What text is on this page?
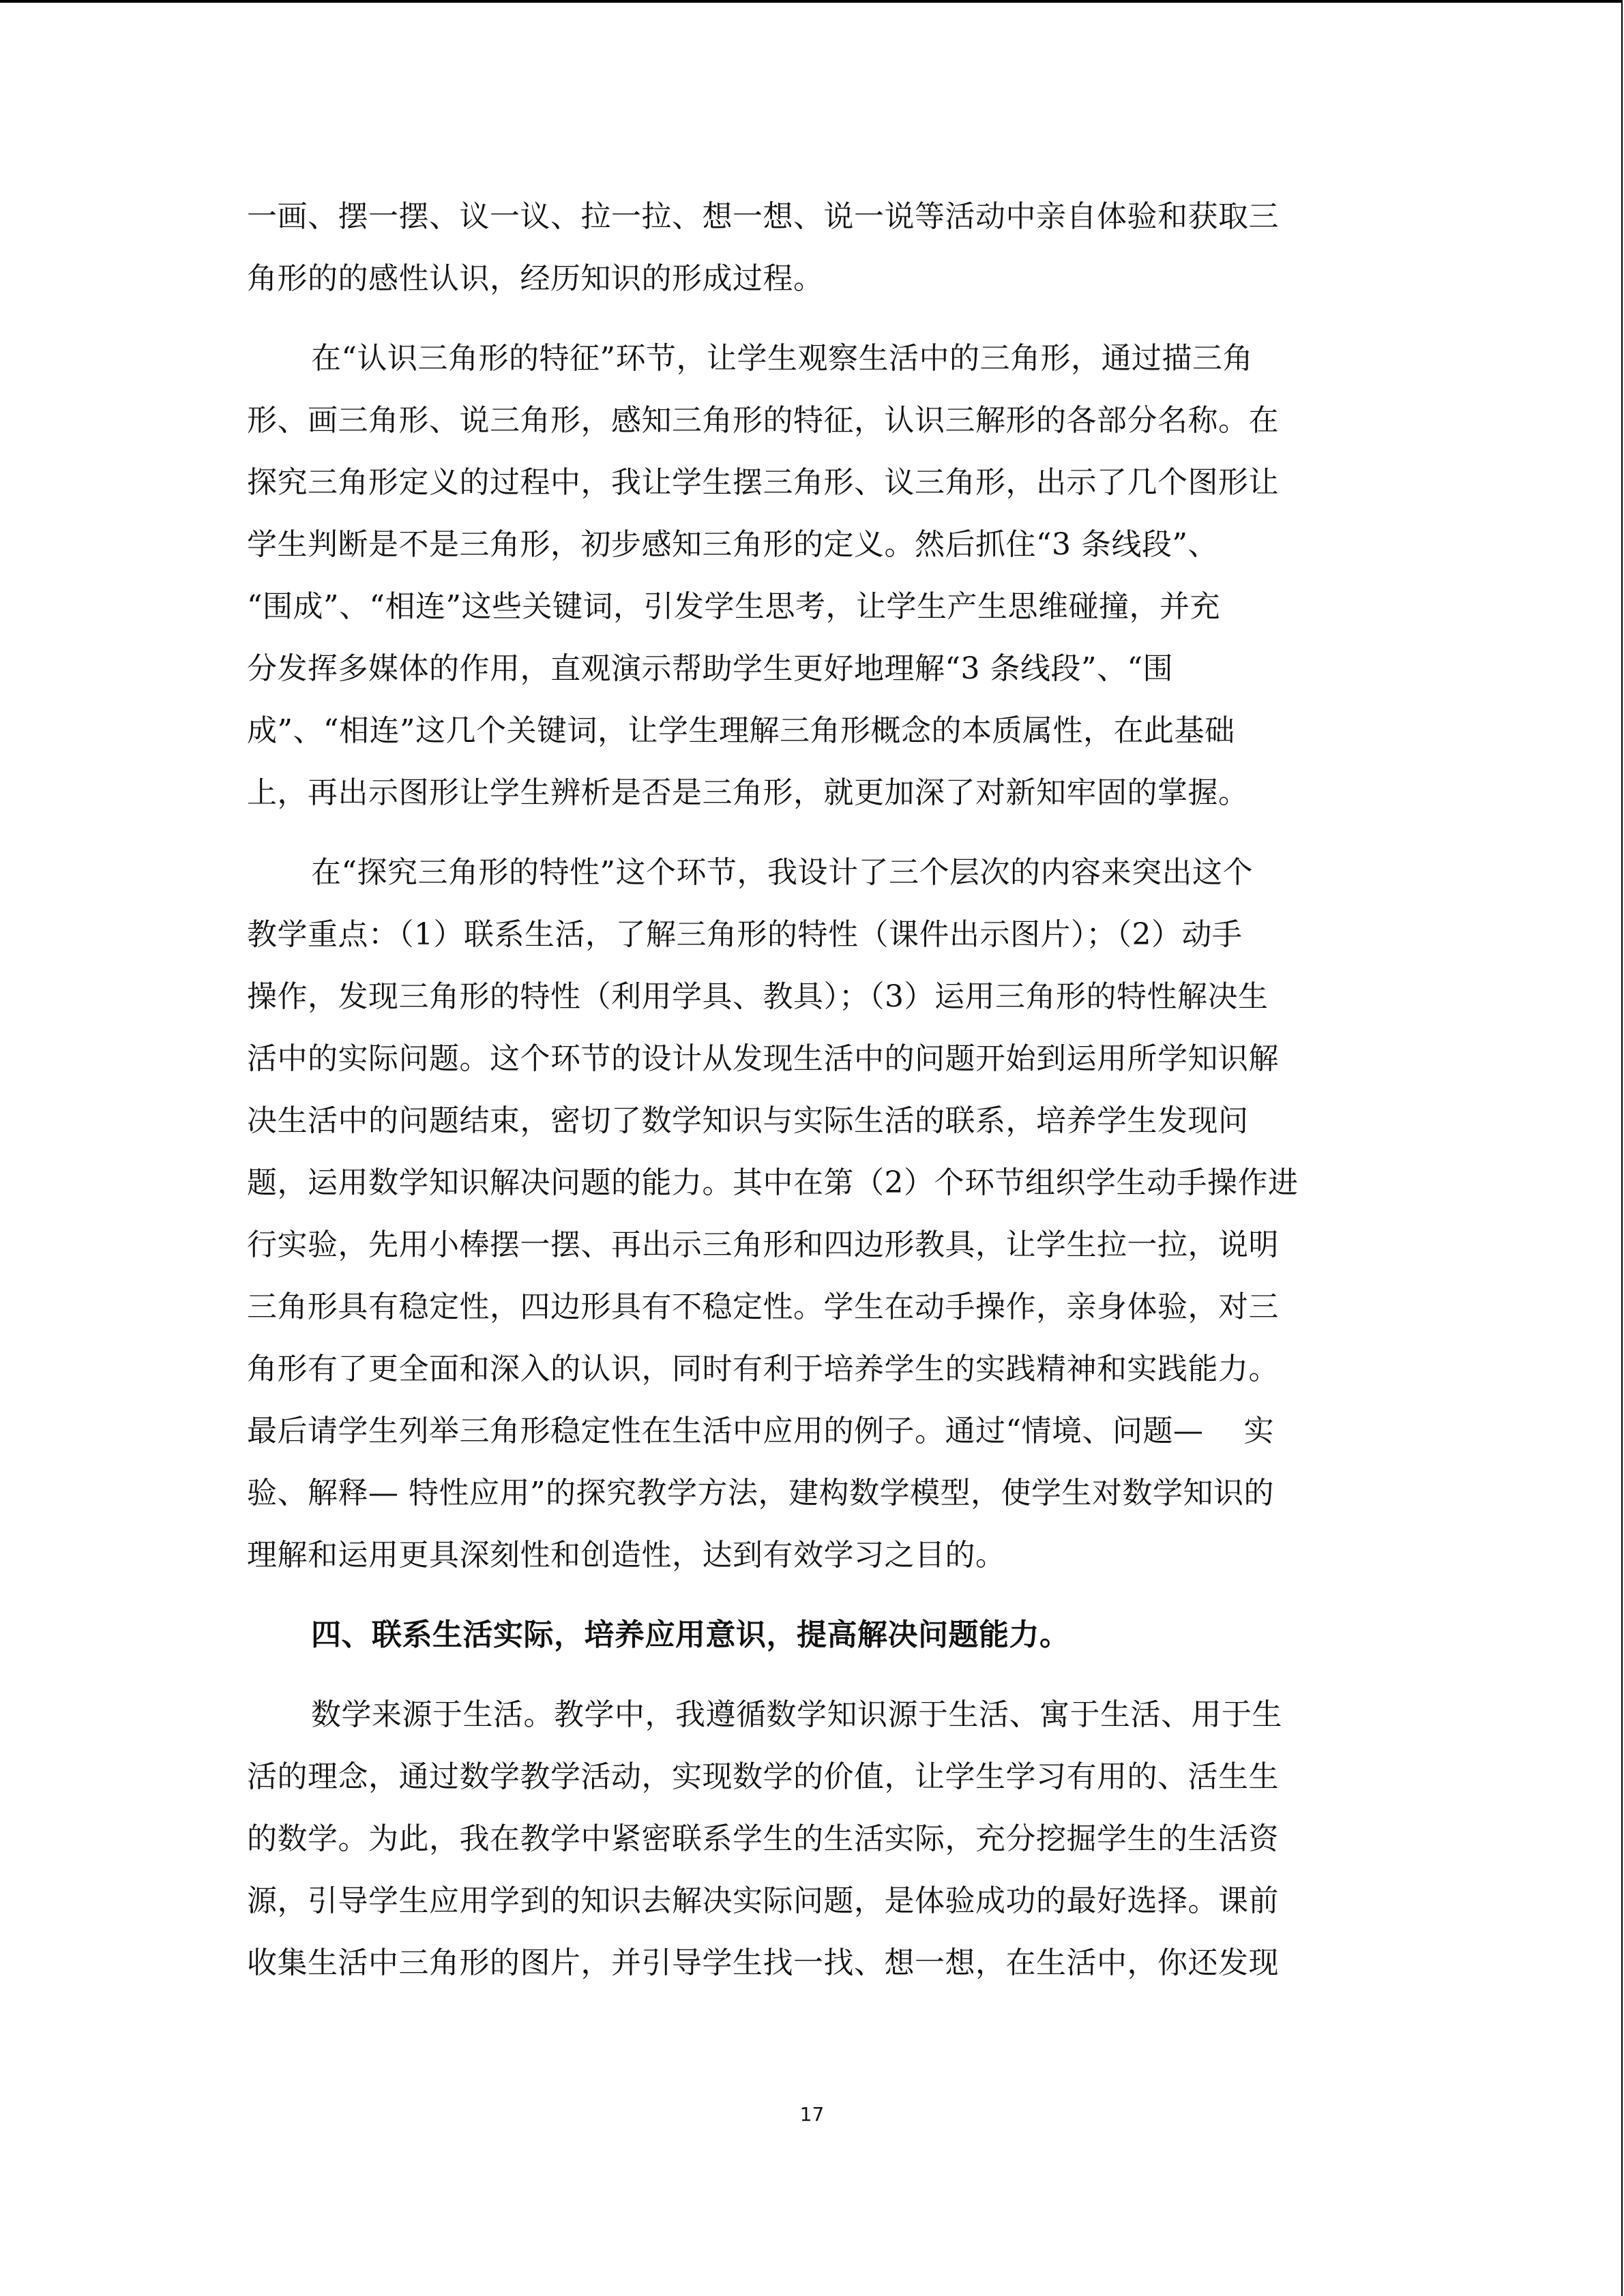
一画、摆一摆、议一议、拉一拉、想一想、说一说等活动中亲自体验和获取三
角形的的感性认识，经历知识的形成过程。

在“认识三角形的特征”环节，让学生观察生活中的三角形，通过描三角
形、画三角形、说三角形，感知三角形的特征，认识三解形的各部分名称。在
探究三角形定义的过程中，我让学生摆三角形、议三角形，出示了几个图形让
学生判断是不是三角形，初步感知三角形的定义。然后抓住“3 条线段”、
“围成”、“相连”这些关键词，引发学生思考，让学生产生思维碰撞，并充
分发挥多媒体的作用，直观演示帮助学生更好地理解“3 条线段”、“围
成”、“相连”这几个关键词，让学生理解三角形概念的本质属性，在此基础
上，再出示图形让学生辨析是否是三角形，就更加深了对新知牢固的掌握。

在“探究三角形的特性”这个环节，我设计了三个层次的内容来突出这个
教学重点：（1）联系生活，了解三角形的特性（课件出示图片）；（2）动手
操作，发现三角形的特性（利用学具、教具）；（3）运用三角形的特性解决生
活中的实际问题。这个环节的设计从发现生活中的问题开始到运用所学知识解
决生活中的问题结束，密切了数学知识与实际生活的联系，培养学生发现问
题，运用数学知识解决问题的能力。其中在第（2）个环节组织学生动手操作进
行实验，先用小棒摆一摆、再出示三角形和四边形教具，让学生拉一拉，说明
三角形具有稳定性，四边形具有不稳定性。学生在动手操作，亲身体验，对三
角形有了更全面和深入的认识，同时有利于培养学生的实践精神和实践能力。
最后请学生列举三角形稳定性在生活中应用的例子。通过“情境、问题—　 实
验、解释— 特性应用”的探究教学方法，建构数学模型，使学生对数学知识的
理解和运用更具深刻性和创造性，达到有效学习之目的。

四、联系生活实际，培养应用意识，提高解决问题能力。

数学来源于生活。教学中，我遵循数学知识源于生活、寓于生活、用于生
活的理念，通过数学教学活动，实现数学的价值，让学生学习有用的、活生生
的数学。为此，我在教学中紧密联系学生的生活实际，充分挖掘学生的生活资
源，引导学生应用学到的知识去解决实际问题，是体验成功的最好选择。课前
收集生活中三角形的图片，并引导学生找一找、想一想，在生活中，你还发现

17
